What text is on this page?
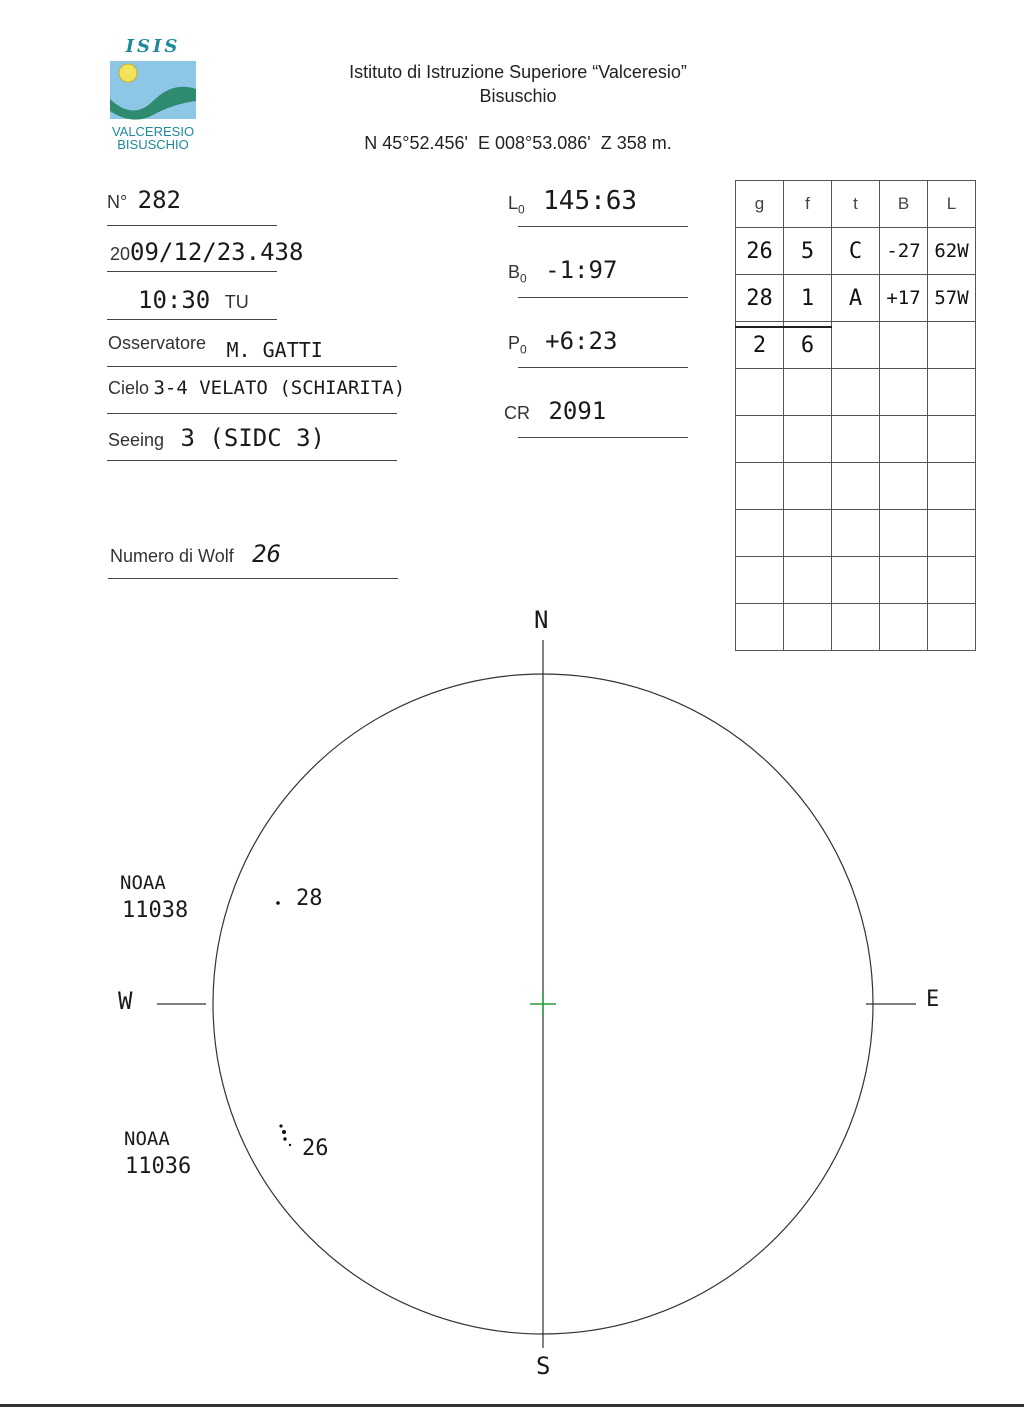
ISIS
VALCERESIO
BISUSCHIO
Istituto di Istruzione Superiore “Valceresio”
Bisuschio
N 45°52.456'  E 008°53.086'  Z 358 m.
N° 282
2009/12/23.438
10:30 TU
Osservatore M. GATTI
Cielo 3-4 VELATO (SCHIARITA)
Seeing 3 (SIDC 3)
Numero di Wolf 26
$L_0$ 145:63
$B_0$ -1:97
$P_0$ +6:23
CR 2091
g	f	t	B	L
26	5	C	-27	62W
28	1	A	+17	57W
2	6			

N
S
W	E
NOAA
11038	28
NOAA
11036
26
